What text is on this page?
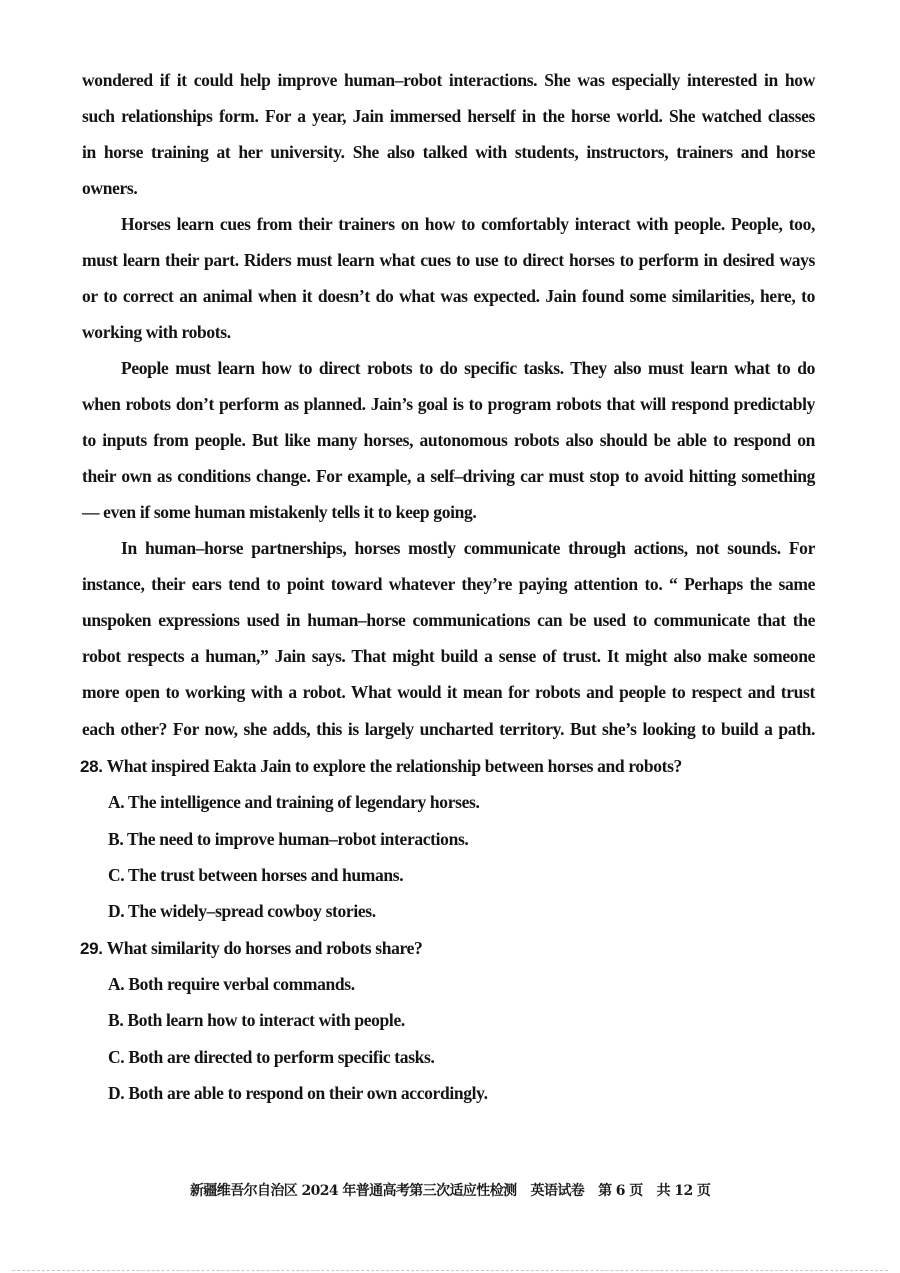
wondered if it could help improve human–robot interactions. She was especially interested in how
such relationships form. For a year, Jain immersed herself in the horse world. She watched classes
in horse training at her university. She also talked with students, instructors, trainers and horse
owners.
Horses learn cues from their trainers on how to comfortably interact with people. People, too,
must learn their part. Riders must learn what cues to use to direct horses to perform in desired ways
or to correct an animal when it doesn’t do what was expected. Jain found some similarities, here, to
working with robots.
People must learn how to direct robots to do specific tasks. They also must learn what to do
when robots don’t perform as planned. Jain’s goal is to program robots that will respond predictably
to inputs from people. But like many horses, autonomous robots also should be able to respond on
their own as conditions change. For example, a self–driving car must stop to avoid hitting something
— even if some human mistakenly tells it to keep going.
In human–horse partnerships, horses mostly communicate through actions, not sounds. For
instance, their ears tend to point toward whatever they’re paying attention to. “ Perhaps the same
unspoken expressions used in human–horse communications can be used to communicate that the
robot respects a human,” Jain says. That might build a sense of trust. It might also make someone
more open to working with a robot. What would it mean for robots and people to respect and trust
each other? For now, she adds, this is largely uncharted territory. But she’s looking to build a path.
28. What inspired Eakta Jain to explore the relationship between horses and robots?
A. The intelligence and training of legendary horses.
B. The need to improve human–robot interactions.
C. The trust between horses and humans.
D. The widely–spread cowboy stories.
29. What similarity do horses and robots share?
A. Both require verbal commands.
B. Both learn how to interact with people.
C. Both are directed to perform specific tasks.
D. Both are able to respond on their own accordingly.
新疆维吾尔自治区 2024 年普通高考第三次适应性检测 英语试卷 第 6 页 共 12 页
